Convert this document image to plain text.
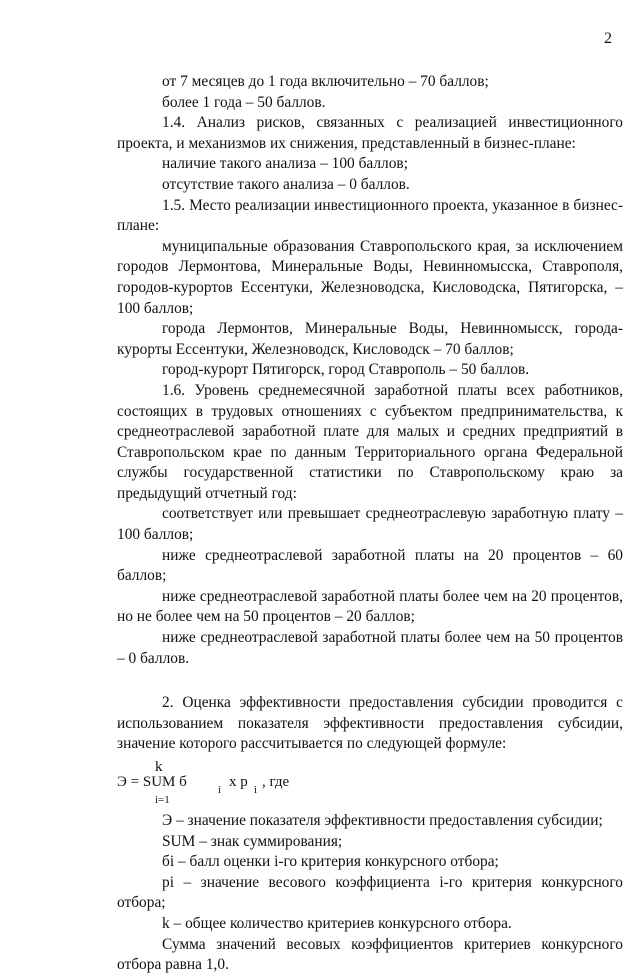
2

от 7 месяцев до 1 года включительно – 70 баллов;

более 1 года – 50 баллов.

1.4. Анализ рисков, связанных с реализацией инвестиционного проекта, и механизмов их снижения, представленный в бизнес-плане:

наличие такого анализа – 100 баллов;

отсутствие такого анализа – 0 баллов.

1.5. Место реализации инвестиционного проекта, указанное в бизнес-плане:

муниципальные образования Ставропольского края, за исключением городов Лермонтова, Минеральные Воды, Невинномысска, Ставрополя, городов-курортов Ессентуки, Железноводска, Кисловодска, Пятигорска, – 100 баллов;

города Лермонтов, Минеральные Воды, Невинномысск, города-курорты Ессентуки, Железноводск, Кисловодск – 70 баллов;

город-курорт Пятигорск, город Ставрополь – 50 баллов.

1.6. Уровень среднемесячной заработной платы всех работников, состоящих в трудовых отношениях с субъектом предпринимательства, к среднеотраслевой заработной плате для малых и средних предприятий в Ставропольском крае по данным Территориального органа Федеральной службы государственной статистики по Ставропольскому краю за предыдущий отчетный год:

соответствует или превышает среднеотраслевую заработную плату – 100 баллов;

ниже среднеотраслевой заработной платы на 20 процентов – 60 баллов;

ниже среднеотраслевой заработной платы более чем на 20 процентов, но не более чем на 50 процентов – 20 баллов;

ниже среднеотраслевой заработной платы более чем на 50 процентов – 0 баллов.

2. Оценка эффективности предоставления субсидии проводится с использованием показателя эффективности предоставления субсидии, значение которого рассчитывается по следующей формуле:

k
Э = SUM б	i x p i , где
i=1

Э – значение показателя эффективности предоставления субсидии;

SUM – знак суммирования;

бi – балл оценки i-го критерия конкурсного отбора;

pi – значение весового коэффициента i-го критерия конкурсного отбора;

k – общее количество критериев конкурсного отбора.

Сумма значений весовых коэффициентов критериев конкурсного отбора равна 1,0.
